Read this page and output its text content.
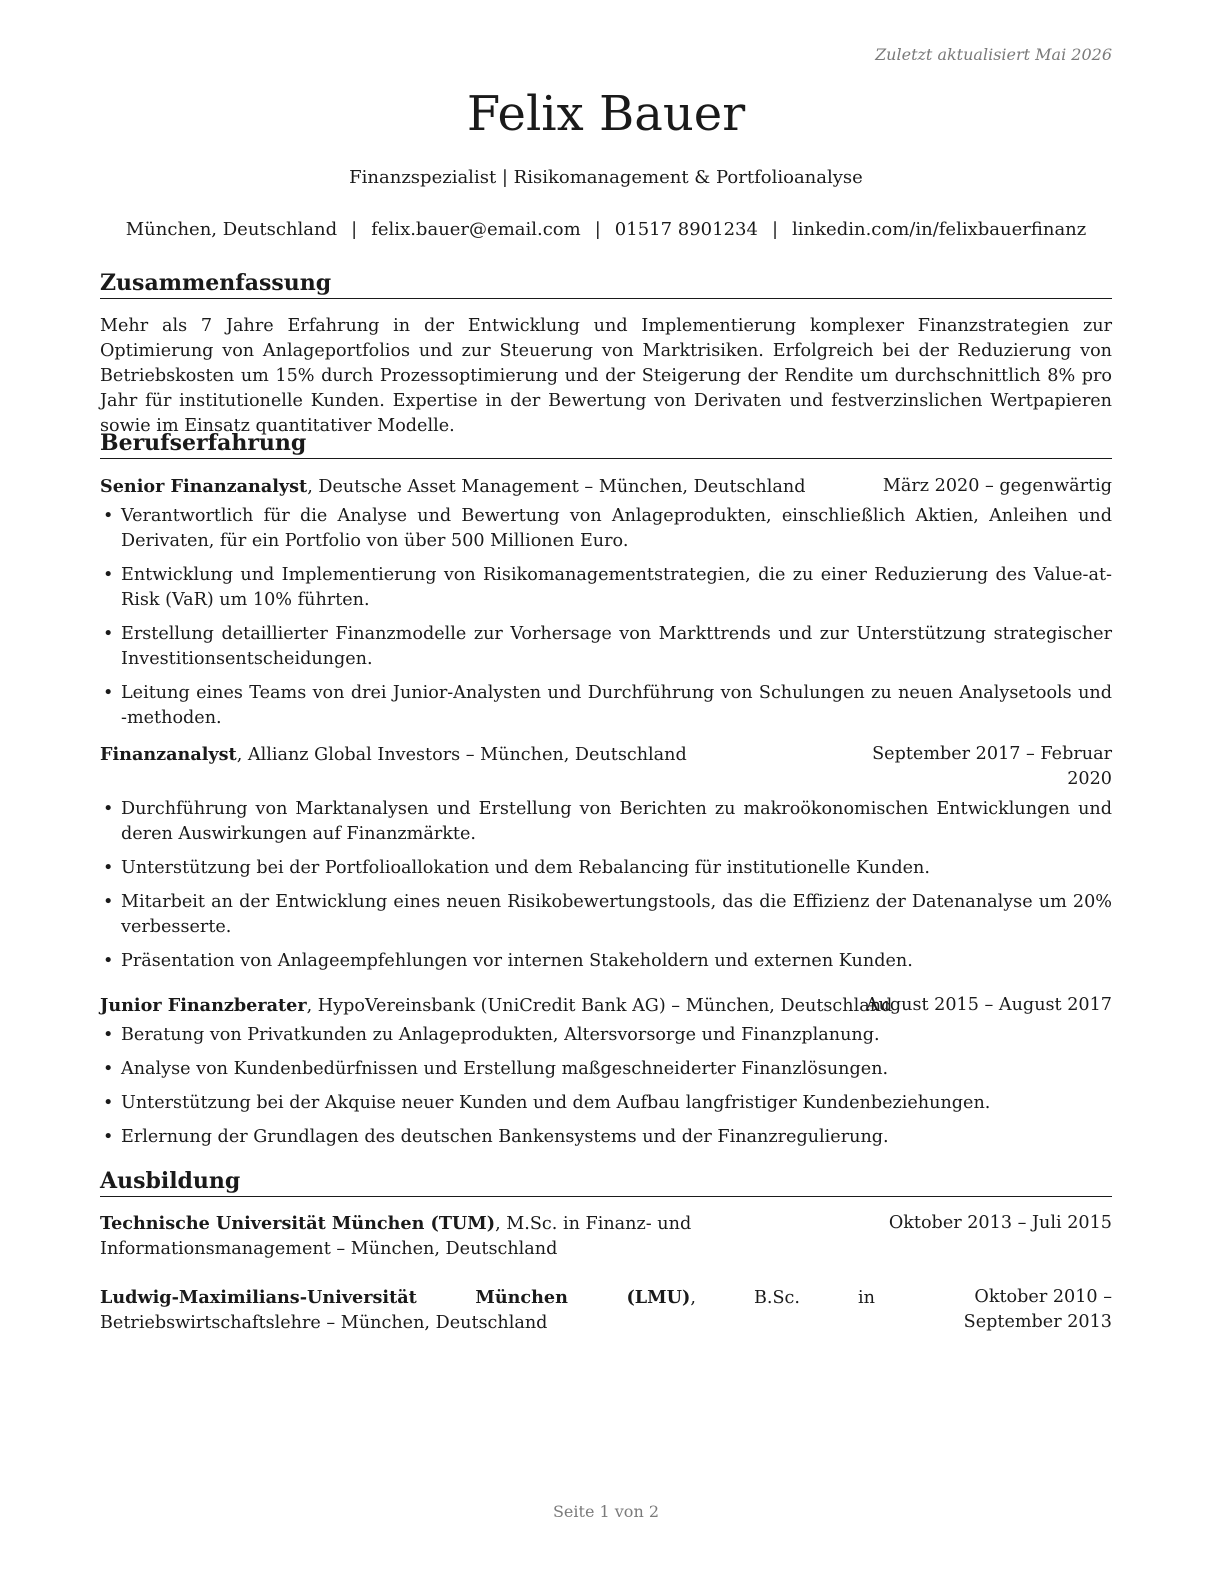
Zuletzt aktualisiert Mai 2026
Felix Bauer
Finanzspezialist | Risikomanagement & Portfolioanalyse
München, Deutschland | felix.bauer@email.com | 01517 8901234 | linkedin.com/in/felixbauerfinanz
Zusammenfassung
Mehr als 7 Jahre Erfahrung in der Entwicklung und Implementierung komplexer Finanzstrategien zur Optimierung von Anlageportfolios und zur Steuerung von Marktrisiken. Erfolgreich bei der Reduzierung von Betriebskosten um 15% durch Prozessoptimierung und der Steigerung der Rendite um durchschnittlich 8% pro Jahr für institutionelle Kunden. Expertise in der Bewertung von Derivaten und festverzinslichen Wertpapieren sowie im Einsatz quantitativer Modelle.
Berufserfahrung
Senior Finanzanalyst, Deutsche Asset Management – München, Deutschland	März 2020 – gegenwärtig
• Verantwortlich für die Analyse und Bewertung von Anlageprodukten, einschließlich Aktien, Anleihen und Derivaten, für ein Portfolio von über 500 Millionen Euro.
• Entwicklung und Implementierung von Risikomanagementstrategien, die zu einer Reduzierung des Value-at-Risk (VaR) um 10% führten.
• Erstellung detaillierter Finanzmodelle zur Vorhersage von Markttrends und zur Unterstützung strategischer Investitionsentscheidungen.
• Leitung eines Teams von drei Junior-Analysten und Durchführung von Schulungen zu neuen Analysetools und -methoden.
Finanzanalyst, Allianz Global Investors – München, Deutschland	September 2017 – Februar 2020
• Durchführung von Marktanalysen und Erstellung von Berichten zu makroökonomischen Entwicklungen und deren Auswirkungen auf Finanzmärkte.
• Unterstützung bei der Portfolioallokation und dem Rebalancing für institutionelle Kunden.
• Mitarbeit an der Entwicklung eines neuen Risikobewertungstools, das die Effizienz der Datenanalyse um 20% verbesserte.
• Präsentation von Anlageempfehlungen vor internen Stakeholdern und externen Kunden.
Junior Finanzberater, HypoVereinsbank (UniCredit Bank AG) – München, Deutschland
August 2015 – August 2017
• Beratung von Privatkunden zu Anlageprodukten, Altersvorsorge und Finanzplanung.
• Analyse von Kundenbedürfnissen und Erstellung maßgeschneiderter Finanzlösungen.
• Unterstützung bei der Akquise neuer Kunden und dem Aufbau langfristiger Kundenbeziehungen.
• Erlernung der Grundlagen des deutschen Bankensystems und der Finanzregulierung.
Ausbildung
Technische Universität München (TUM), M.Sc. in Finanz- und Informationsmanagement – München, Deutschland
Oktober 2013 – Juli 2015
Ludwig-Maximilians-Universität München (LMU), B.Sc. in Betriebswirtschaftslehre – München, Deutschland
Oktober 2010 – September 2013
Seite 1 von 2
